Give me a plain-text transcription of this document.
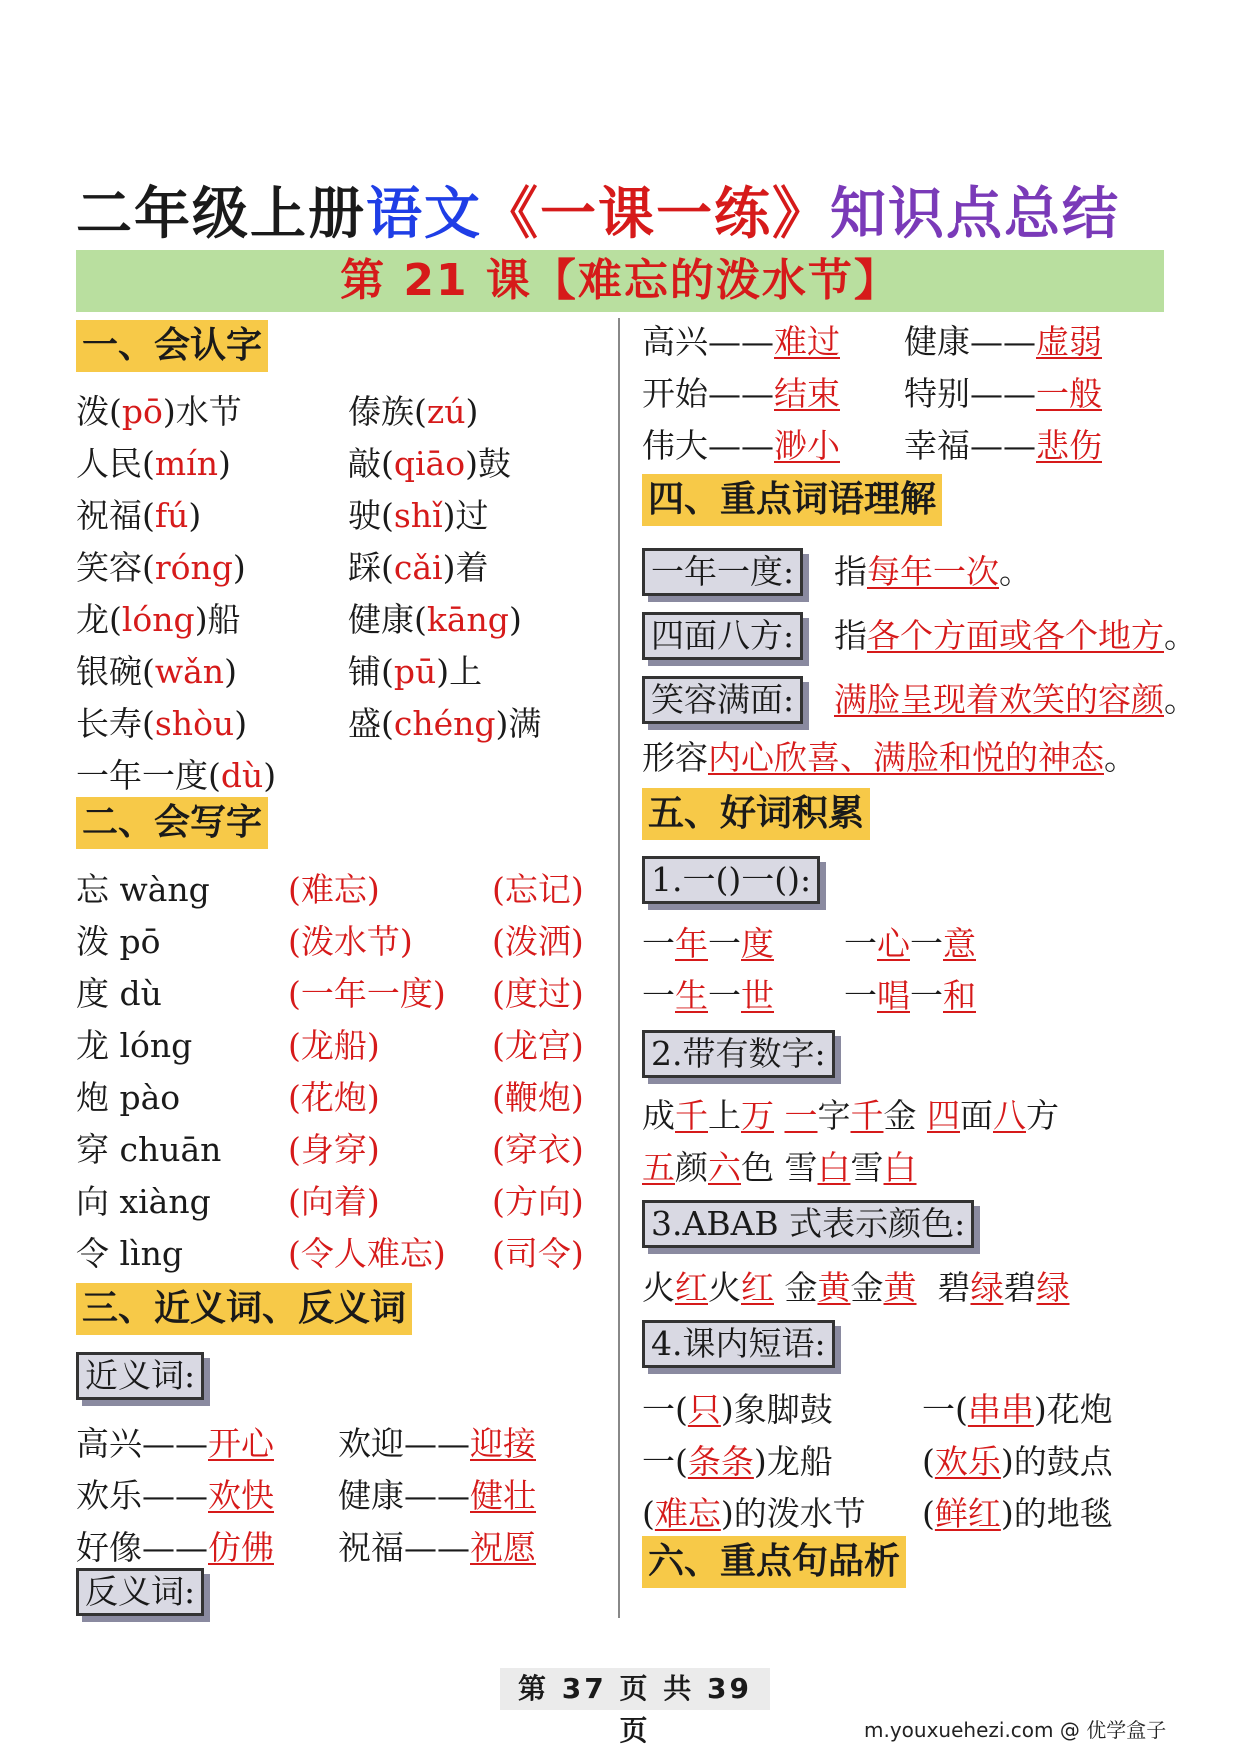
二年级上册语文《一课一练》知识点总结
第 21 课【难忘的泼水节】
一、会认字
泼(pō)水节	傣族(zú)
人民(mín)	敲(qiāo)鼓
祝福(fú)	驶(shǐ)过
笑容(róng)	踩(cǎi)着
龙(lóng)船	健康(kāng)
银碗(wǎn)	铺(pū)上
长寿(shòu)	盛(chéng)满
一年一度(dù)
二、会写字
忘 wàng (难忘)	(忘记)
泼 pō	(泼水节) (泼洒)
度 dù	(一年一度) (度过)
龙 lóng	(龙船)	(龙宫)
炮 pào	(花炮)	(鞭炮)
穿 chuān (身穿)	(穿衣)
向 xiàng (向着)	(方向)
令 lìng	(令人难忘) (司令)
三、近义词、反义词
近义词:
高兴——开心 欢迎——迎接
欢乐——欢快 健康——健壮
好像——仿佛 祝福——祝愿
反义词:
高兴——难过 健康——虚弱
开始——结束 特别——一般
伟大——渺小 幸福——悲伤
四、重点词语理解
一年一度: 指每年一次。
四面八方: 指各个方面或各个地方。
笑容满面: 满脸呈现着欢笑的容颜。
形容内心欣喜、满脸和悦的神态。
五、好词积累
1.一()一():
一年一度 一心一意
一生一世 一唱一和
2.带有数字:
成千上万 一字千金 四面八方
五颜六色 雪白雪白
3.ABAB 式表示颜色:
火红火红 金黄金黄 碧绿碧绿
4.课内短语:
一(只)象脚鼓	一(串串)花炮
一(条条)龙船	(欢乐)的鼓点
(难忘)的泼水节 (鲜红)的地毯
六、重点句品析
第 37 页 共 39 页	m.youxuehezi.com @ 优学盒子
